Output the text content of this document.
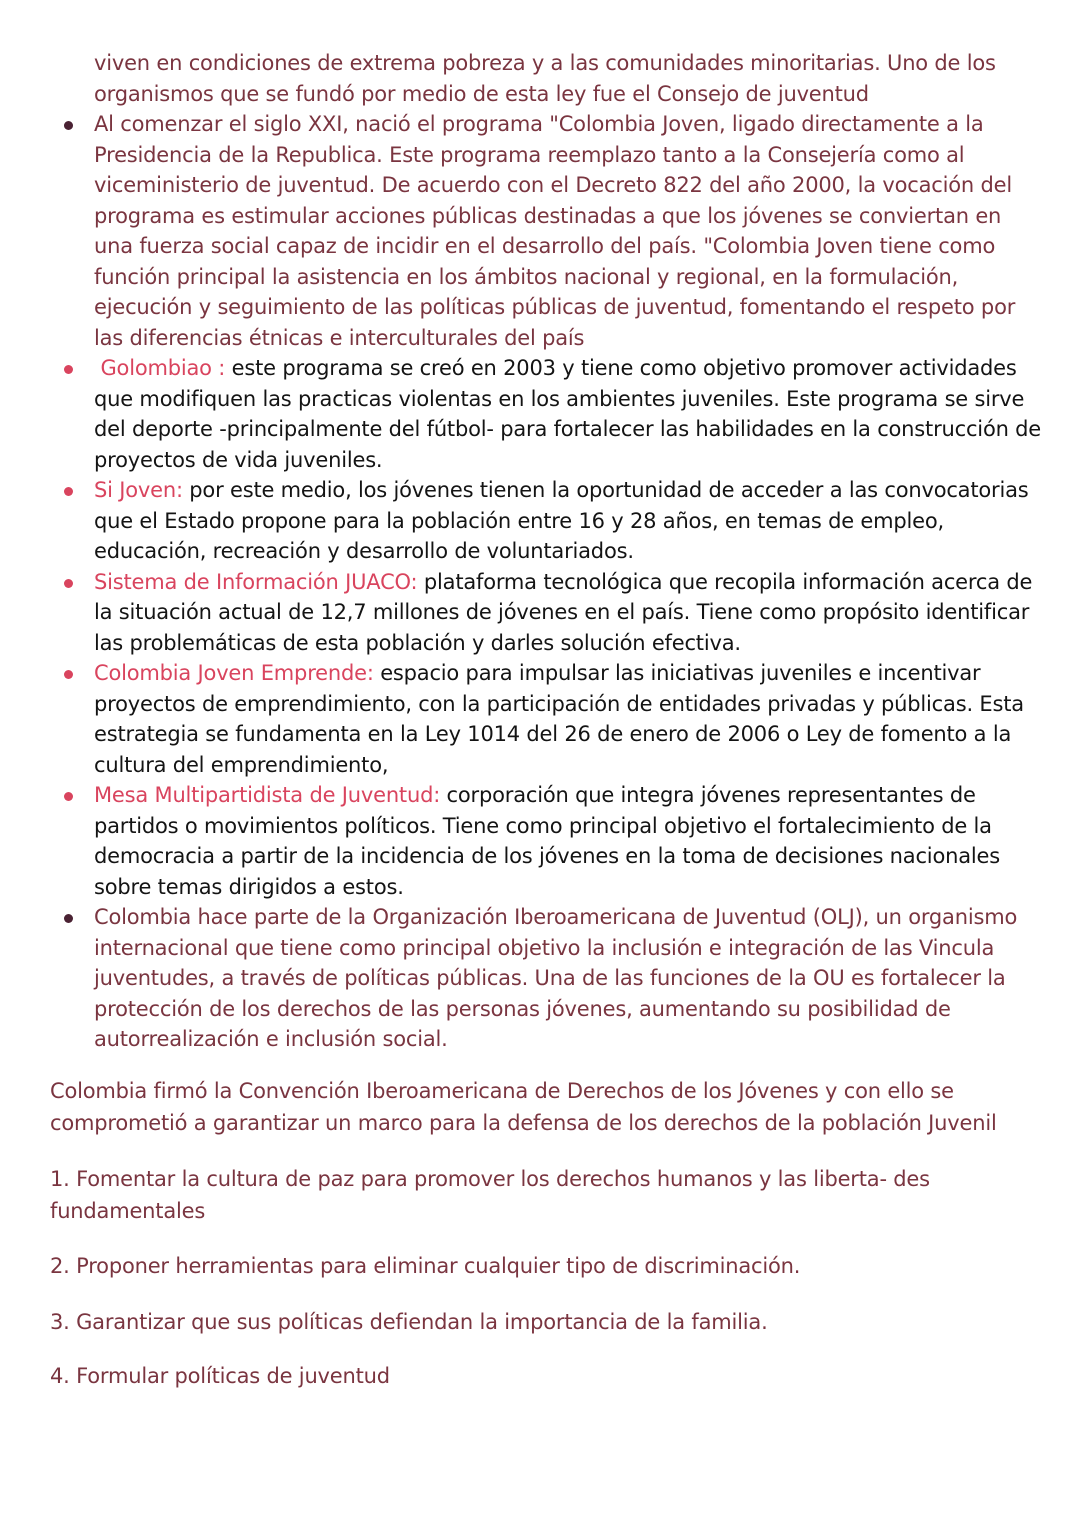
viven en condiciones de extrema pobreza y a las comunidades minoritarias. Uno de los organismos que se fundó por medio de esta ley fue el Consejo de juventud

Al comenzar el siglo XXI, nació el programa "Colombia Joven, ligado directamente a la Presidencia de la Republica. Este programa reemplazo tanto a la Consejería como al viceministerio de juventud. De acuerdo con el Decreto 822 del año 2000, la vocación del programa es estimular acciones públicas destinadas a que los jóvenes se conviertan en una fuerza social capaz de incidir en el desarrollo del país. "Colombia Joven tiene como función principal la asistencia en los ámbitos nacional y regional, en la formulación, ejecución y seguimiento de las políticas públicas de juventud, fomentando el respeto por las diferencias étnicas e interculturales del país

Golombiao : este programa se creó en 2003 y tiene como objetivo promover actividades que modifiquen las practicas violentas en los ambientes juveniles. Este programa se sirve del deporte -principalmente del fútbol- para fortalecer las habilidades en la construcción de proyectos de vida juveniles.

Si Joven: por este medio, los jóvenes tienen la oportunidad de acceder a las convocatorias que el Estado propone para la población entre 16 y 28 años, en temas de empleo, educación, recreación y desarrollo de voluntariados.

Sistema de Información JUACO: plataforma tecnológica que recopila información acerca de la situación actual de 12,7 millones de jóvenes en el país. Tiene como propósito identificar las problemáticas de esta población y darles solución efectiva.

Colombia Joven Emprende: espacio para impulsar las iniciativas juveniles e incentivar proyectos de emprendimiento, con la participación de entidades privadas y públicas. Esta estrategia se fundamenta en la Ley 1014 del 26 de enero de 2006 o Ley de fomento a la cultura del emprendimiento,

Mesa Multipartidista de Juventud: corporación que integra jóvenes representantes de partidos o movimientos políticos. Tiene como principal objetivo el fortalecimiento de la democracia a partir de la incidencia de los jóvenes en la toma de decisiones nacionales sobre temas dirigidos a estos.

Colombia hace parte de la Organización Iberoamericana de Juventud (OLJ), un organismo internacional que tiene como principal objetivo la inclusión e integración de las Vincula juventudes, a través de políticas públicas. Una de las funciones de la OU es fortalecer la protección de los derechos de las personas jóvenes, aumentando su posibilidad de autorrealización e inclusión social.

Colombia firmó la Convención Iberoamericana de Derechos de los Jóvenes y con ello se comprometió a garantizar un marco para la defensa de los derechos de la población Juvenil

1. Fomentar la cultura de paz para promover los derechos humanos y las liberta- des fundamentales

2. Proponer herramientas para eliminar cualquier tipo de discriminación.

3. Garantizar que sus políticas defiendan la importancia de la familia.

4. Formular políticas de juventud
